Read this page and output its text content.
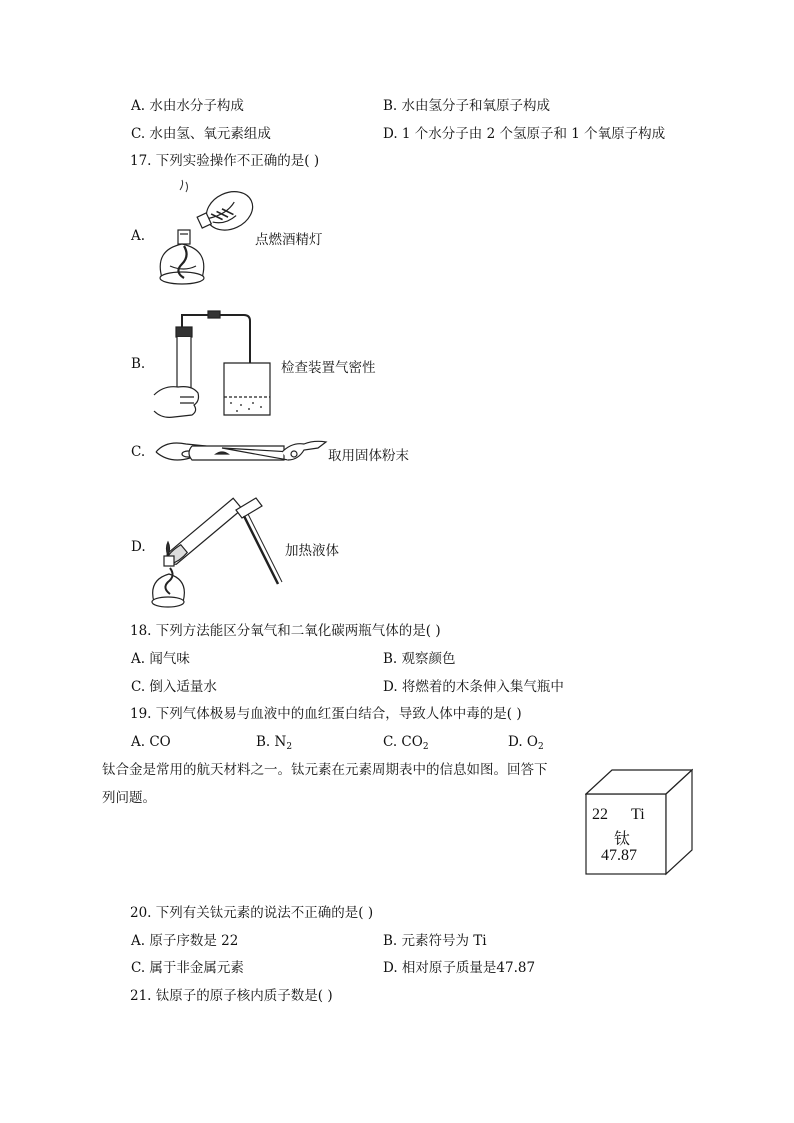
A. 水由水分子构成	B. 水由氢分子和氧原子构成
C. 水由氢、氧元素组成	D. 1 个水分子由 2 个氢原子和 1 个氧原子构成
17. 下列实验操作不正确的是( )
A.	点燃酒精灯
B.	检查装置气密性
C.	取用固体粉末
D.	加热液体
18. 下列方法能区分氧气和二氧化碳两瓶气体的是( )
A. 闻气味	B. 观察颜色
C. 倒入适量水	D. 将燃着的木条伸入集气瓶中
19. 下列气体极易与血液中的血红蛋白结合，导致人体中毒的是( )
A. CO	B. $N_2$	C. $CO_2$	D. $O_2$
钛合金是常用的航天材料之一。钛元素在元素周期表中的信息如图。回答下
列问题。
22 Ti
钛
47.87
20. 下列有关钛元素的说法不正确的是( )
A. 原子序数是 22	B. 元素符号为 Ti
C. 属于非金属元素	D. 相对原子质量是47.87
21. 钛原子的原子核内质子数是( )
